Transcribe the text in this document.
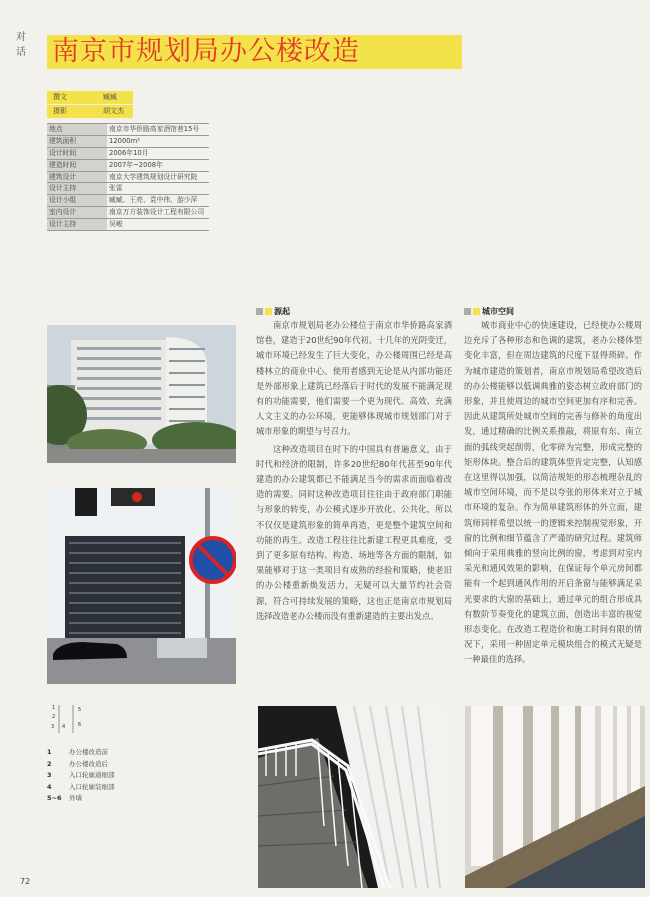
对话 南京市规划局办公楼改造
撰文	臧臧
摄影	胡文杰
地点	南京市华侨路高家酒馆巷15号
建筑面积	12000m²
设计时间	2006年10月
建造时间	2007年~2008年
建筑设计	南京大学建筑规划设计研究院
设计主持	张雷
设计小组	臧臧、王亮、袁中伟、游少萍
室内设计	南京万方装饰设计工程有限公司
设计主持	吴峻
源起

南京市规划局老办公楼位于南京市华侨路高家酒馆巷，建造于20世纪90年代初。十几年的光阴变迁，城市环境已经发生了巨大变化，办公楼周围已经是高楼林立的商业中心。使用者感到无论是从内部功能还是外部形象上建筑已经落后于时代的发展不能满足现有的功能需要，他们需要一个更为现代、高效、充满人文主义的办公环境，更能够体现城市规划部门对于城市形象的期望与号召力。

这种改造项目在时下的中国具有普遍意义，由于时代和经济的限制，许多20世纪80年代甚至90年代建造的办公建筑都已不能满足当今的需求而面临着改造的需要。同时这种改造项目往往由于政府部门职能与形象的转变，办公模式逐步开放化、公共化，所以不仅仅是建筑形象的简单再造，更是整个建筑空间和功能的再生。改造工程往往比新建工程更具难度，受到了更多原有结构、构造、场地等各方面的限制，如果能够对于这一类项目有成熟的经验和策略，使老旧的办公楼重新焕发活力，无疑可以大量节约社会资源，符合可持续发展的策略，这也正是南京市规划局选择改造老办公楼而没有重新建造的主要出发点。

城市空间

城市商业中心的快速建设，已经使办公楼周边充斥了各种形态和色调的建筑，老办公楼体型变化丰富，但在周边建筑的尺度下显得琐碎。作为城市建造的策划者，南京市规划局希望改造后的办公楼能够以低调典雅的姿态树立政府部门的形象，并且使周边的城市空间更加有序和完善。因此从建筑所处城市空间的完善与修补的角度出发，通过精确的比例关系推敲，将原有东、南立面的弧线突起削剪，化零碎为完整，形成完整的矩形体块。整合后的建筑体型肯定完整，认知感在这里得以加强，以简洁规矩的形态梳理杂乱的城市空间环境，而不是以夸张的形体来对立于城市环境的复杂。作为简单建筑形体的外立面，建筑师同样希望以统一的逻辑来控制视觉形象，开窗的比例和细节蕴含了严谨的研究过程。建筑师倾向于采用典雅的竖向比例的窗，考虑到对室内采光和通风效果的影响，在保证每个单元房间都能有一个起到通风作用的开启条窗与能够满足采光要求的大窗的基础上，通过单元的组合形成具有数阶节奏变化的建筑立面，创造出丰富的视觉形态变化。在改造工程造价和施工时间有限的情况下，采用一种固定单元模块组合的模式无疑是一种最佳的选择。

1
2
3 4
5
6
1	办公楼改造前
2	办公楼改造后
3	入口轮廓通细部
4	入口轮廓装细部
5~6 外墙
72
